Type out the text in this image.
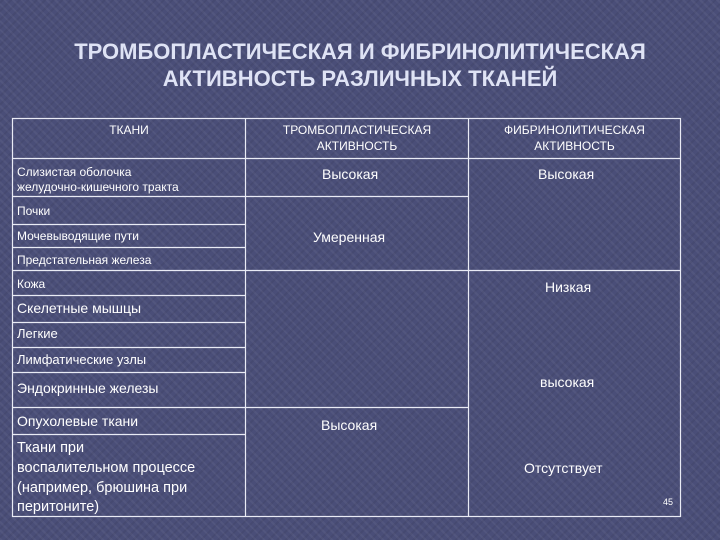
ТРОМБОПЛАСТИЧЕСКАЯ И ФИБРИНОЛИТИЧЕСКАЯ
АКТИВНОСТЬ РАЗЛИЧНЫХ ТКАНЕЙ
ТКАНИ	ТРОМБОПЛАСТИЧЕСКАЯ
АКТИВНОСТЬ
ФИБРИНОЛИТИЧЕСКАЯ
АКТИВНОСТЬ
Слизистая оболочка
желудочно-кишечного тракта
Почки
Мочевыводящие пути
Предстательная железа
Кожа
Скелетные мышцы
Легкие
Лимфатические узлы
Эндокринные железы
Опухолевые ткани
Ткани при
воспалительном процессе
(например, брюшина при
перитоните)
Высокая
Умеренная
Высокая
Высокая
Низкая
высокая
Отсутствует
45
